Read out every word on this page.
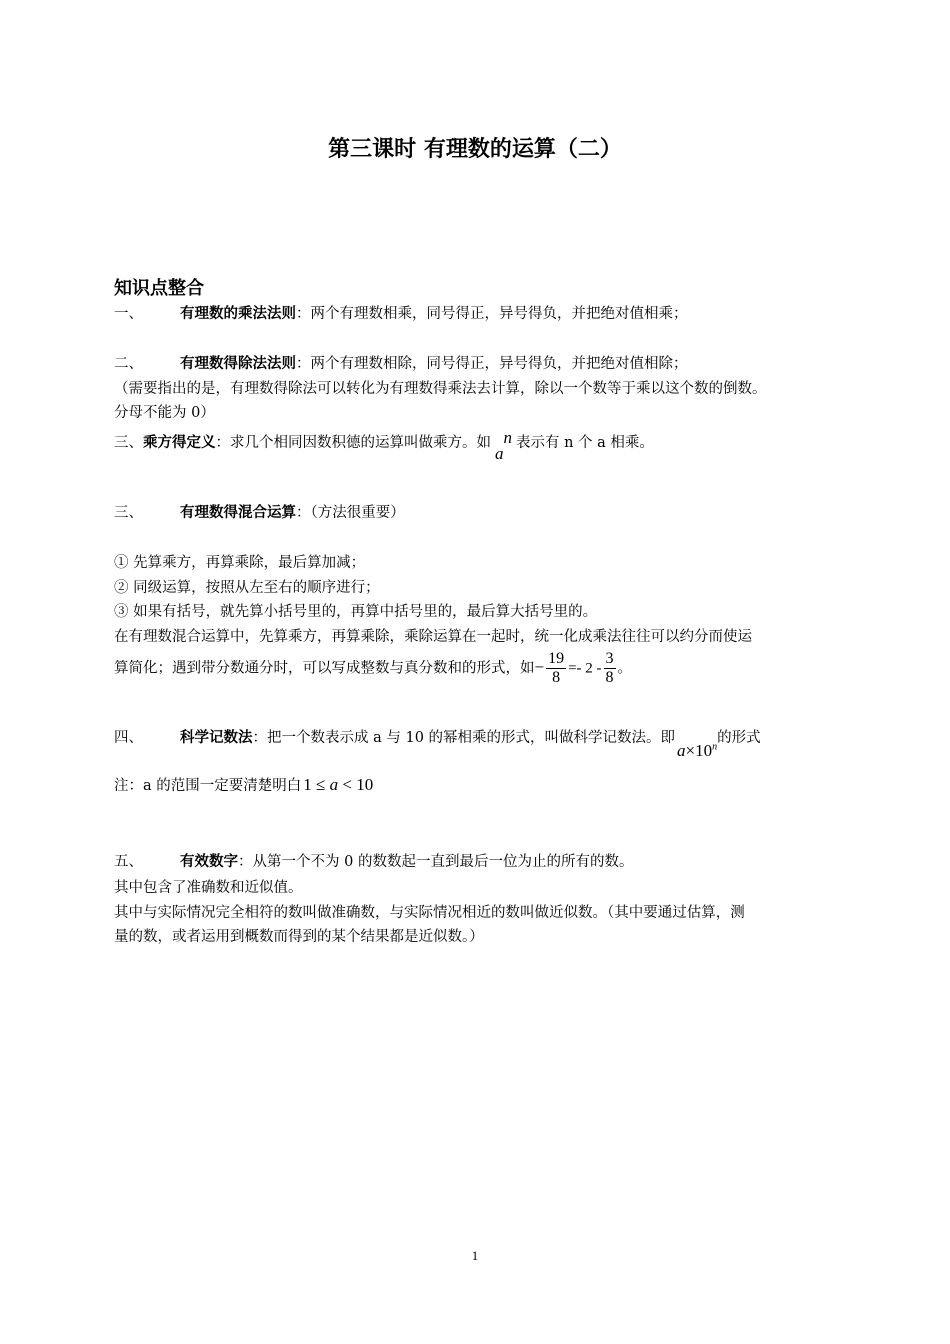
第三课时 有理数的运算（二）
知识点整合
一、	有理数的乘法法则：两个有理数相乘，同号得正，异号得负，并把绝对值相乘；
二、	有理数得除法法则：两个有理数相除，同号得正，异号得负，并把绝对值相除；
（需要指出的是，有理数得除法可以转化为有理数得乘法去计算，除以一个数等于乘以这个数的倒数。
分母不能为 0）
三、乘方得定义：求几个相同因数积德的运算叫做乘方。如$a^n$ 表示有 n 个 a 相乘。
三、	有理数得混合运算：（方法很重要）
① 先算乘方，再算乘除，最后算加减；
② 同级运算，按照从左至右的顺序进行；
③ 如果有括号，就先算小括号里的，再算中括号里的，最后算大括号里的。
在有理数混合运算中，先算乘方，再算乘除，乘除运算在一起时，统一化成乘法往往可以约分而使运
算简化；遇到带分数通分时，可以写成整数与真分数和的形式，如− $\frac{19}{8} =- 2 - \frac{3}{8}$ 。
四、	科学记数法：把一个数表示成 a 与 10 的幂相乘的形式，叫做科学记数法。即$a\times 10^n$的形式
注：a 的范围一定要清楚明白 1 ≤ a < 10
五、	有效数字：从第一个不为 0 的数数起一直到最后一位为止的所有的数。
其中包含了准确数和近似值。
其中与实际情况完全相符的数叫做准确数，与实际情况相近的数叫做近似数。（其中要通过估算，测
量的数，或者运用到概数而得到的某个结果都是近似数。）
1
